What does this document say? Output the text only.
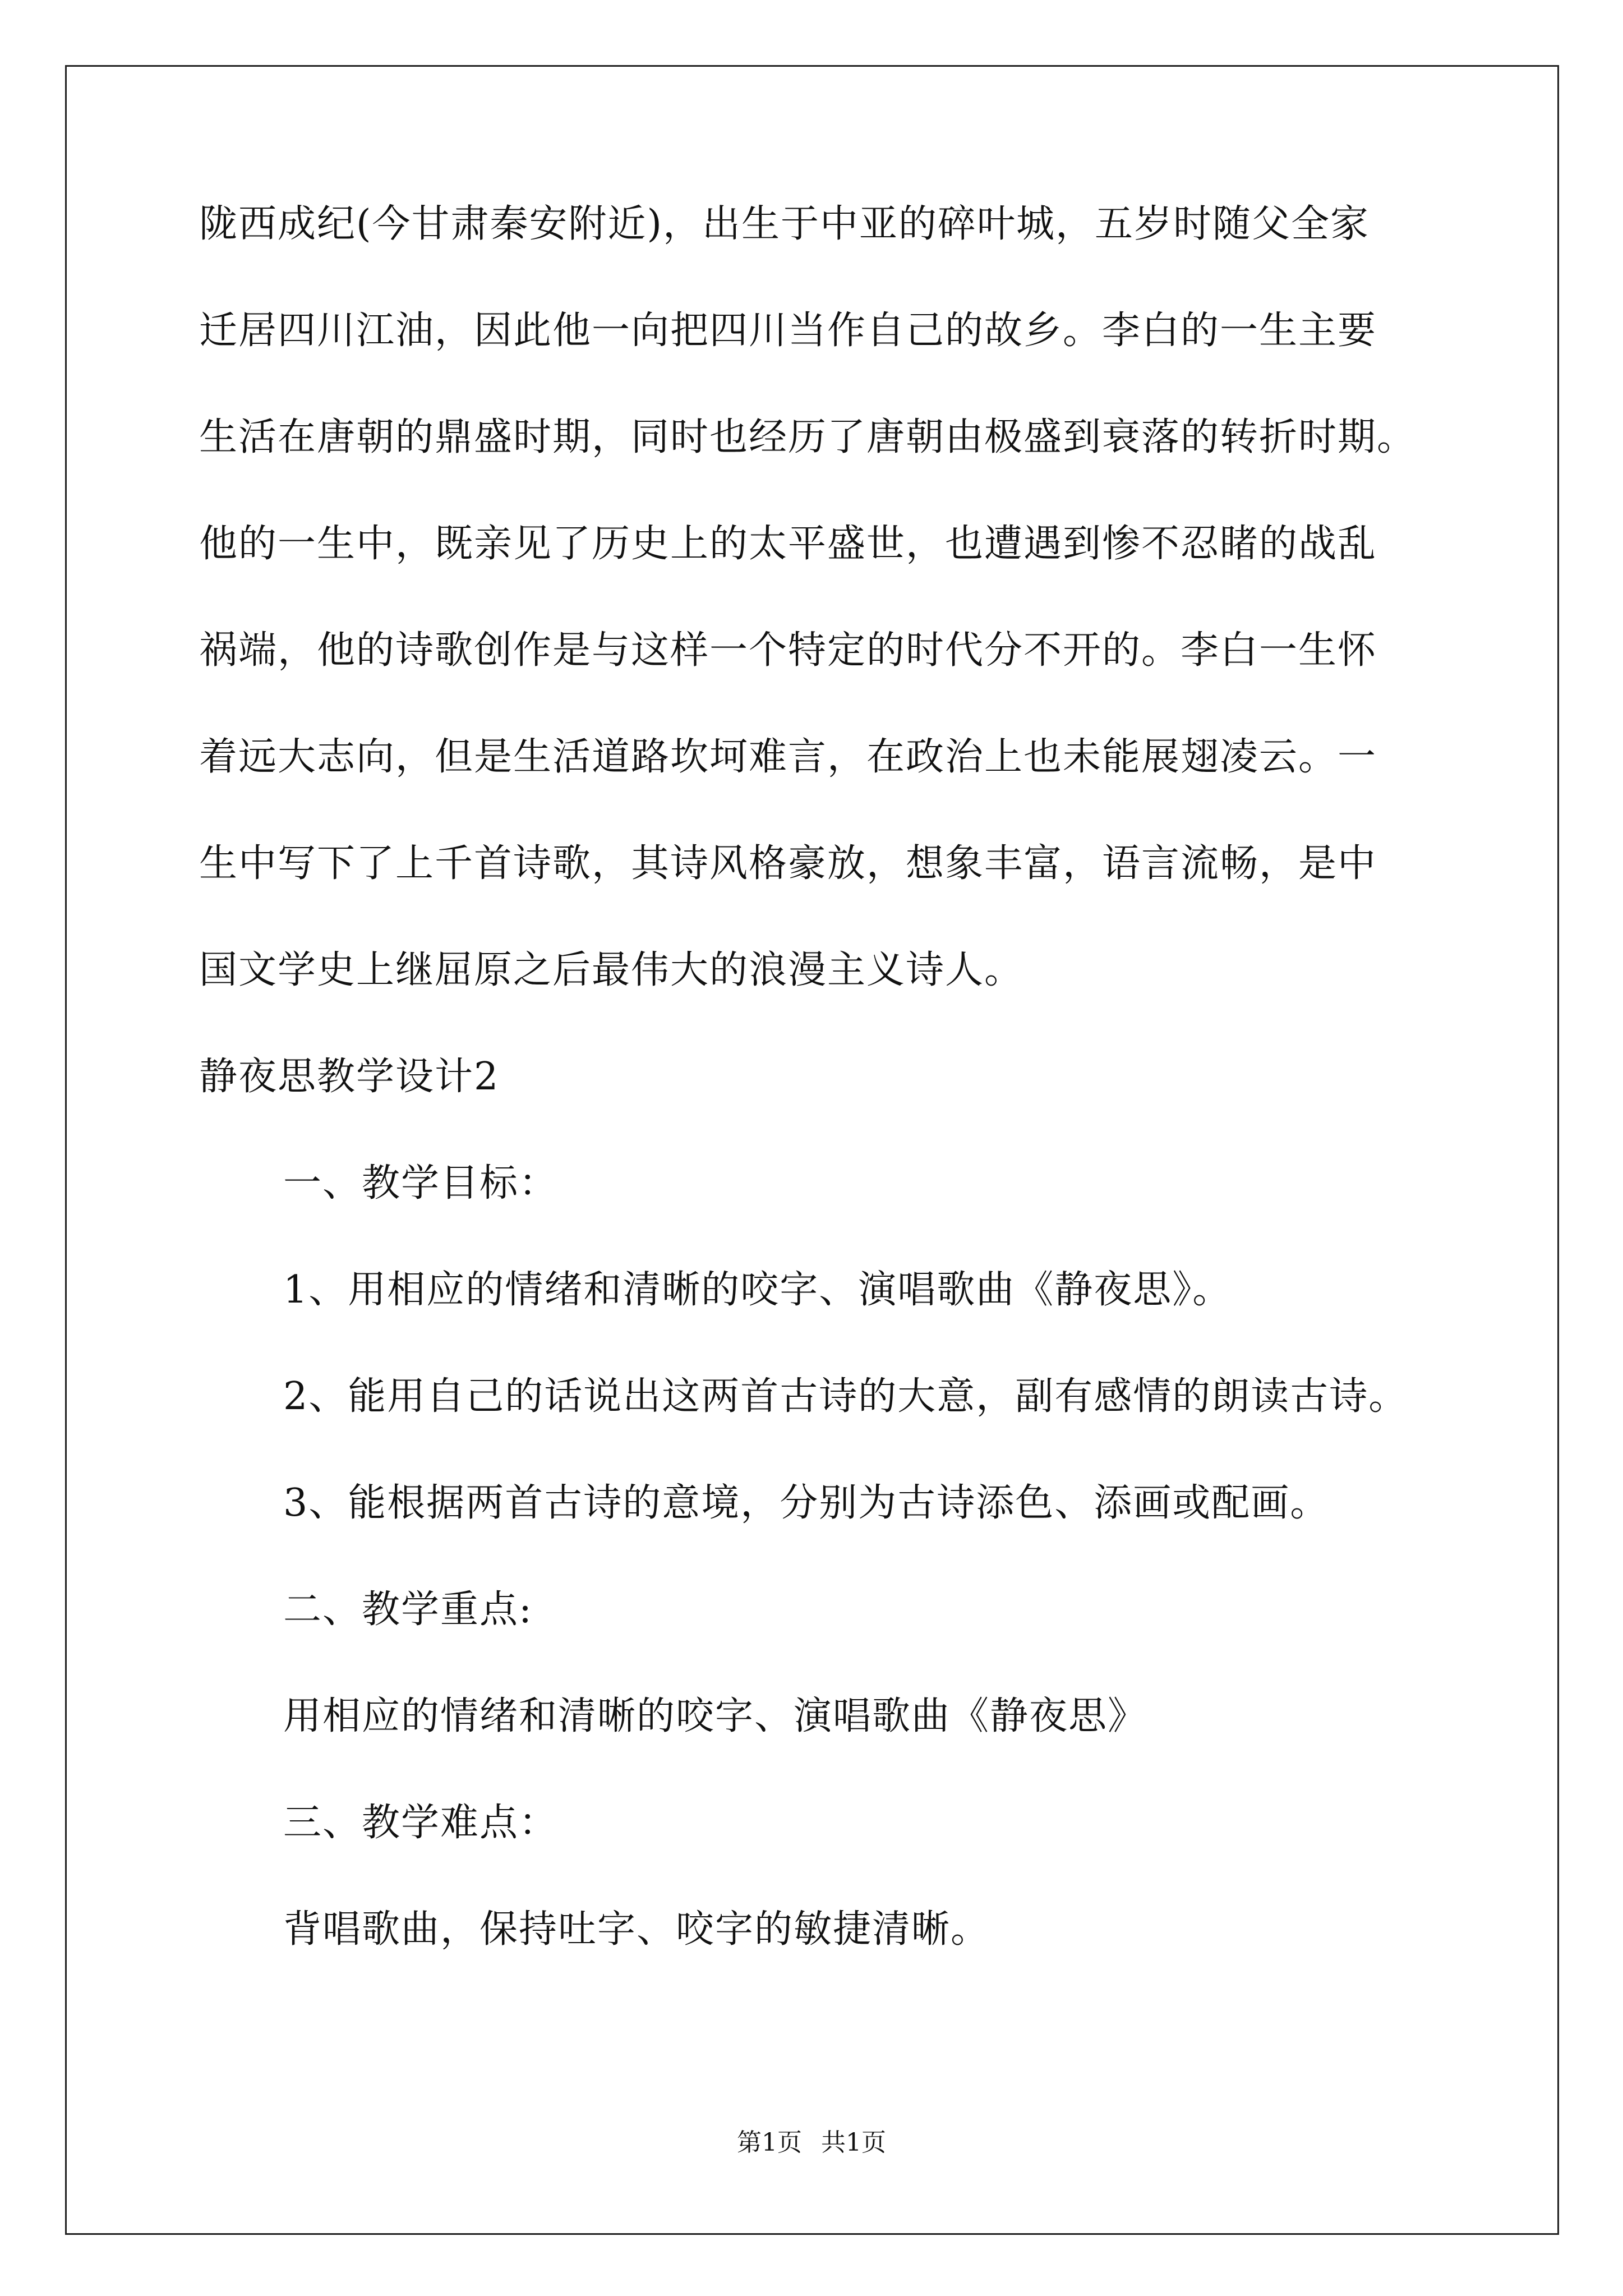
陇西成纪(今甘肃秦安附近)，出生于中亚的碎叶城，五岁时随父全家
迁居四川江油，因此他一向把四川当作自己的故乡。李白的一生主要
生活在唐朝的鼎盛时期，同时也经历了唐朝由极盛到衰落的转折时期。
他的一生中，既亲见了历史上的太平盛世，也遭遇到惨不忍睹的战乱
祸端，他的诗歌创作是与这样一个特定的时代分不开的。李白一生怀
着远大志向，但是生活道路坎坷难言，在政治上也未能展翅凌云。一
生中写下了上千首诗歌，其诗风格豪放，想象丰富，语言流畅，是中
国文学史上继屈原之后最伟大的浪漫主义诗人。
静夜思教学设计2
一、教学目标：
1、用相应的情绪和清晰的咬字、演唱歌曲《静夜思》。
2、能用自己的话说出这两首古诗的大意，副有感情的朗读古诗。
3、能根据两首古诗的意境，分别为古诗添色、添画或配画。
二、教学重点:
用相应的情绪和清晰的咬字、演唱歌曲《静夜思》
三、教学难点：
背唱歌曲，保持吐字、咬字的敏捷清晰。
第1页 共1页
